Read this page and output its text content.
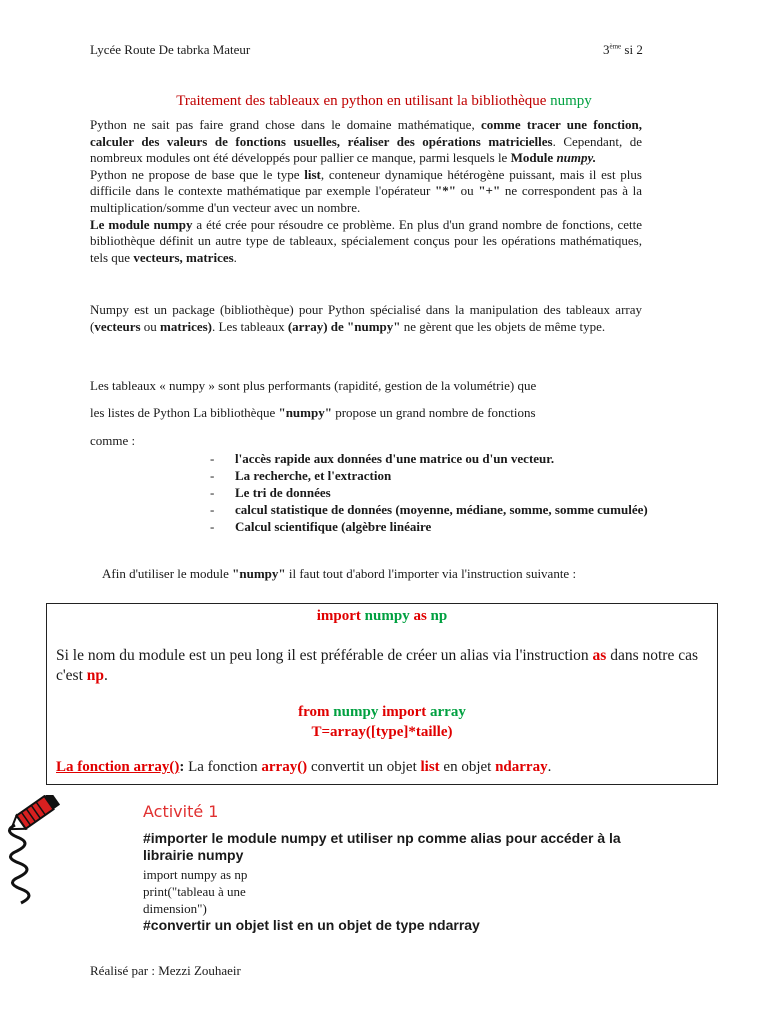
Lycée Route De tabrka Mateur	3ème si 2
Traitement des tableaux en python en utilisant la bibliothèque numpy
Python ne sait pas faire grand chose dans le domaine mathématique, comme tracer une fonction, calculer des valeurs de fonctions usuelles, réaliser des opérations matricielles. Cependant, de nombreux modules ont été développés pour pallier ce manque, parmi lesquels le Module numpy.
Python ne propose de base que le type list, conteneur dynamique hétérogène puissant, mais il est plus difficile dans le contexte mathématique par exemple l'opérateur "*" ou "+" ne correspondent pas à la multiplication/somme d'un vecteur avec un nombre.
Le module numpy a été crée pour résoudre ce problème. En plus d'un grand nombre de fonctions, cette bibliothèque définit un autre type de tableaux, spécialement conçus pour les opérations mathématiques, tels que vecteurs, matrices.
Numpy est un package (bibliothèque) pour Python spécialisé dans la manipulation des tableaux array (vecteurs ou matrices). Les tableaux (array) de "numpy" ne gèrent que les objets de même type.
Les tableaux « numpy » sont plus performants (rapidité, gestion de la volumétrie) que
les listes de Python La bibliothèque "numpy" propose un grand nombre de fonctions
comme :
-	l'accès rapide aux données d'une matrice ou d'un vecteur.
-	La recherche, et l'extraction
-	Le tri de données
-	calcul statistique de données (moyenne, médiane, somme, somme cumulée)
-	Calcul scientifique (algèbre linéaire
Afin d'utiliser le module "numpy" il faut tout d'abord l'importer via l'instruction suivante :
import numpy as np
Si le nom du module est un peu long il est préférable de créer un alias via l'instruction as dans notre cas c'est np.
from numpy import array
T=array([type]*taille)
La fonction array(): La fonction array() convertit un objet list en objet ndarray.
Activité 1
#importer le module numpy et utiliser np comme alias pour accéder à la librairie numpy
import numpy as np
print("tableau à une
dimension")
#convertir un objet list en un objet de type ndarray
Réalisé par : Mezzi Zouhaeir
